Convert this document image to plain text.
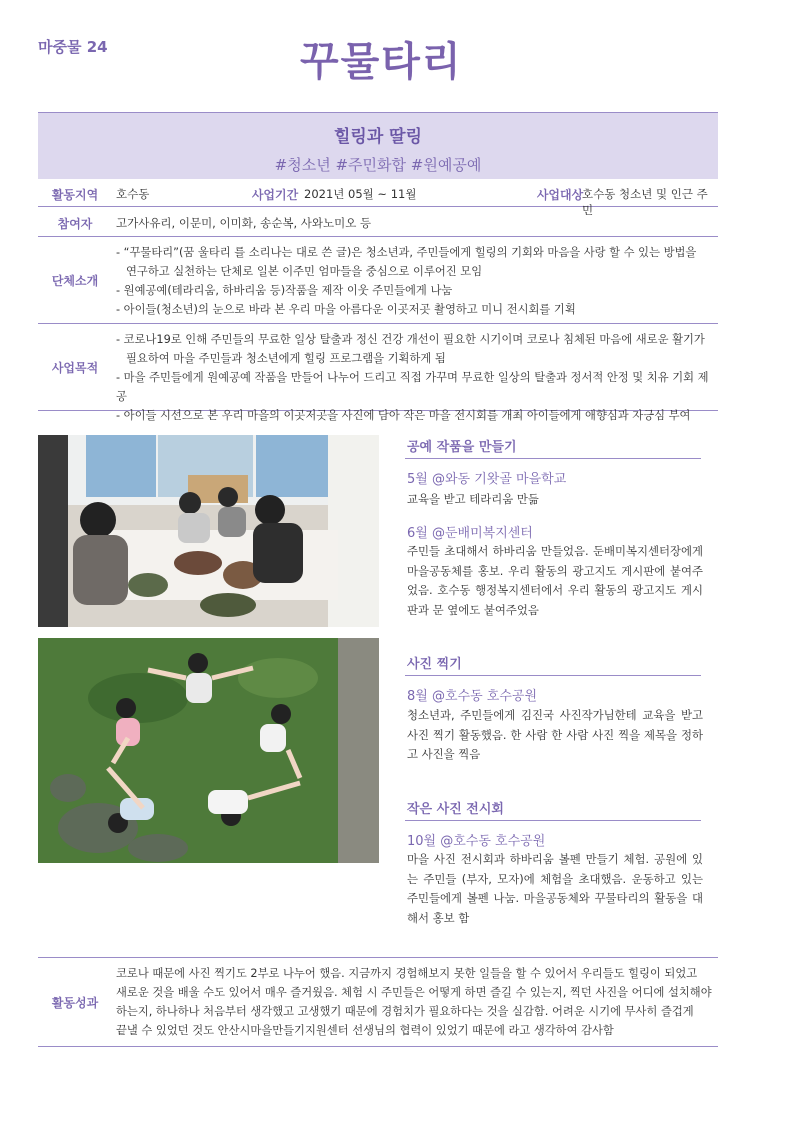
마중물 24	꾸물타리
힐링과 딸링
#청소년 #주민화합 #원예공예
활동지역	호수동	사업기간 2021년 05월 ~ 11월	사업대상
호수동 청소년 및 인근 주민
참여자	고가사유리, 이문미, 이미화, 송순복, 사와노미오 등
단체소개
- “꾸물타리”(꿈 울타리 를 소리나는 대로 쓴 글)은 청소년과, 주민들에게 힐링의 기회와 마음을 사랑 할 수 있는 방법을
연구하고 실천하는 단체로 일본 이주민 엄마들을 중심으로 이루어진 모임
- 원예공예(테라리움, 하바리움 등)작품을 제작 이웃 주민들에게 나눔
- 아이들(청소년)의 눈으로 바라 본 우리 마을 아름다운 이곳저곳 촬영하고 미니 전시회를 기획
사업목적
- 코로나19로 인해 주민들의 무료한 일상 탈출과 정신 건강 개선이 필요한 시기이며 코로나 침체된 마음에 새로운 활기가
필요하여 마을 주민들과 청소년에게 힐링 프로그램을 기획하게 됨
- 마을 주민들에게 원예공예 작품을 만들어 나누어 드리고 직접 가꾸며 무료한 일상의 탈출과 정서적 안정 및 치유 기회 제공
- 아이들 시선으로 본 우리 마을의 이곳저곳을 사진에 담아 작은 마을 전시회를 개최 아이들에게 애향심과 자긍심 부여
공예 작품을 만들기
5월 @와동 기왓골 마을학교
교육을 받고 테라리움 만듦
6월 @둔배미복지센터
주민들 초대해서 하바리움 만들었음. 둔배미복지센터장에게 마을공동체를 홍보. 우리 활동의 광고지도 게시판에 붙여주었음. 호수동 행정복지센터에서 우리 활동의 광고지도 게시판과 문 옆에도 붙여주었음
사진 찍기
8월 @호수동 호수공원
청소년과, 주민들에게 김진국 사진작가님한테 교육을 받고 사진 찍기 활동했음. 한 사람 한 사람 사진 찍을 제목을 정하고 사진을 찍음
작은 사진 전시회
10월 @호수동 호수공원
마을 사진 전시회과 하바리움 볼펜 만들기 체험. 공원에 있는 주민들 (부자, 모자)에 체험을 초대했음. 운동하고 있는 주민들에게 볼펜 나눔. 마을공동체와 꾸물타리의 활동을 대해서 홍보 함
활동성과
코로나 때문에 사진 찍기도 2부로 나누어 했음. 지금까지 경험해보지 못한 일들을 할 수 있어서 우리들도 힐링이 되었고
새로운 것을 배울 수도 있어서 매우 즐거웠음. 체험 시 주민들은 어떻게 하면 즐길 수 있는지, 찍던 사진을 어디에 설치해야
하는지, 하나하나 처음부터 생각했고 고생했기 때문에 경험치가 필요하다는 것을 실감함. 어려운 시기에 무사히 즐겁게
끝낼 수 있었던 것도 안산시마을만들기지원센터 선생님의 협력이 있었기 때문에 라고 생각하여 감사함
